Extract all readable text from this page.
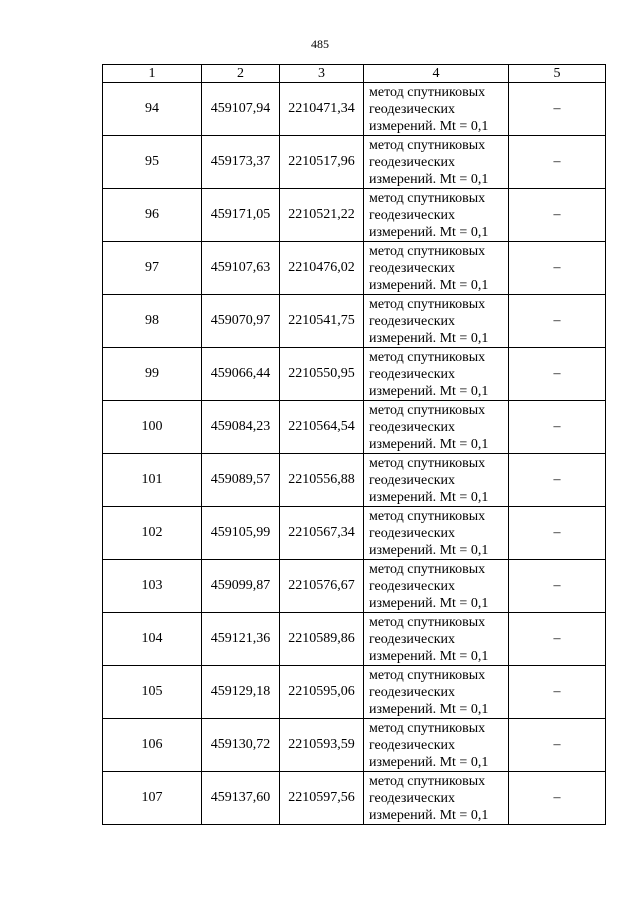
485
1	2	3	4	5
94	459107,94	2210471,34	метод спутниковых
геодезических
измерений. Mt = 0,1	–
95	459173,37	2210517,96	метод спутниковых
геодезических
измерений. Mt = 0,1	–
96	459171,05	2210521,22	метод спутниковых
геодезических
измерений. Mt = 0,1	–
97	459107,63	2210476,02	метод спутниковых
геодезических
измерений. Mt = 0,1	–
98	459070,97	2210541,75	метод спутниковых
геодезических
измерений. Mt = 0,1	–
99	459066,44	2210550,95	метод спутниковых
геодезических
измерений. Mt = 0,1	–
100	459084,23	2210564,54	метод спутниковых
геодезических
измерений. Mt = 0,1	–
101	459089,57	2210556,88	метод спутниковых
геодезических
измерений. Mt = 0,1	–
102	459105,99	2210567,34	метод спутниковых
геодезических
измерений. Mt = 0,1	–
103	459099,87	2210576,67	метод спутниковых
геодезических
измерений. Mt = 0,1	–
104	459121,36	2210589,86	метод спутниковых
геодезических
измерений. Mt = 0,1	–
105	459129,18	2210595,06	метод спутниковых
геодезических
измерений. Mt = 0,1	–
106	459130,72	2210593,59	метод спутниковых
геодезических
измерений. Mt = 0,1	–
107	459137,60	2210597,56	метод спутниковых
геодезических
измерений. Mt = 0,1	–
